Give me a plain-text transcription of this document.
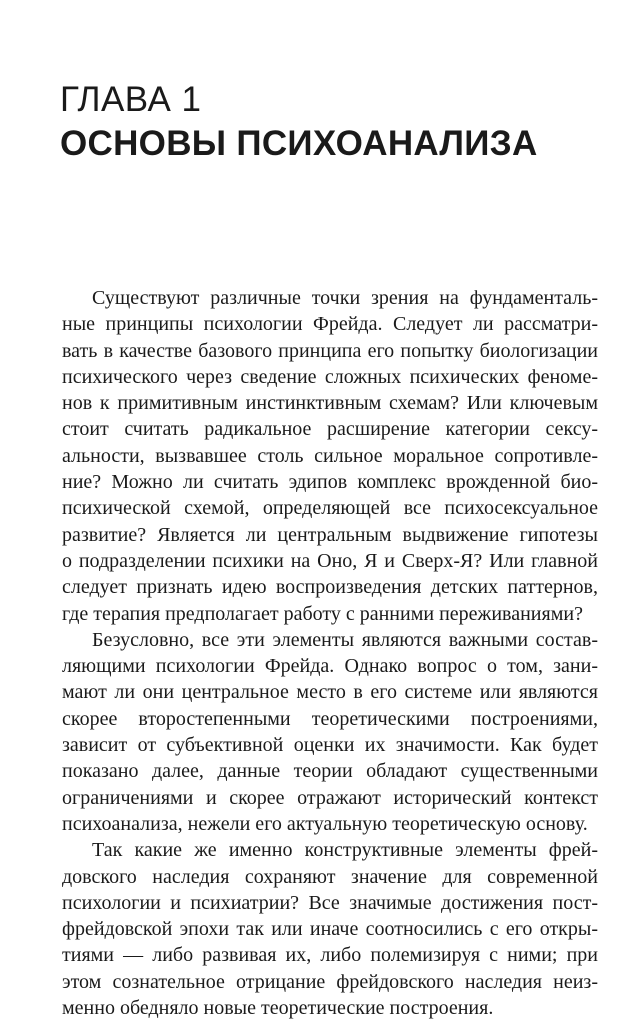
ГЛАВА 1
ОСНОВЫ ПСИХОАНАЛИЗА
Существуют различные точки зрения на фундаменталь-
ные принципы психологии Фрейда. Следует ли рассматри-
вать в качестве базового принципа его попытку биологизации
психического через сведение сложных психических феноме-
нов к примитивным инстинктивным схемам? Или ключевым
стоит считать радикальное расширение категории сексу-
альности, вызвавшее столь сильное моральное сопротивле-
ние? Можно ли считать эдипов комплекс врожденной био-
психической схемой, определяющей все психосексуальное
развитие? Является ли центральным выдвижение гипотезы
о подразделении психики на Оно, Я и Сверх-Я? Или главной
следует признать идею воспроизведения детских паттернов,
где терапия предполагает работу с ранними переживаниями?
Безусловно, все эти элементы являются важными состав-
ляющими психологии Фрейда. Однако вопрос о том, зани-
мают ли они центральное место в его системе или являются
скорее второстепенными теоретическими построениями,
зависит от субъективной оценки их значимости. Как будет
показано далее, данные теории обладают существенными
ограничениями и скорее отражают исторический контекст
психоанализа, нежели его актуальную теоретическую основу.
Так какие же именно конструктивные элементы фрей-
довского наследия сохраняют значение для современной
психологии и психиатрии? Все значимые достижения пост-
фрейдовской эпохи так или иначе соотносились с его откры-
тиями — либо развивая их, либо полемизируя с ними; при
этом сознательное отрицание фрейдовского наследия неиз-
менно обедняло новые теоретические построения.
